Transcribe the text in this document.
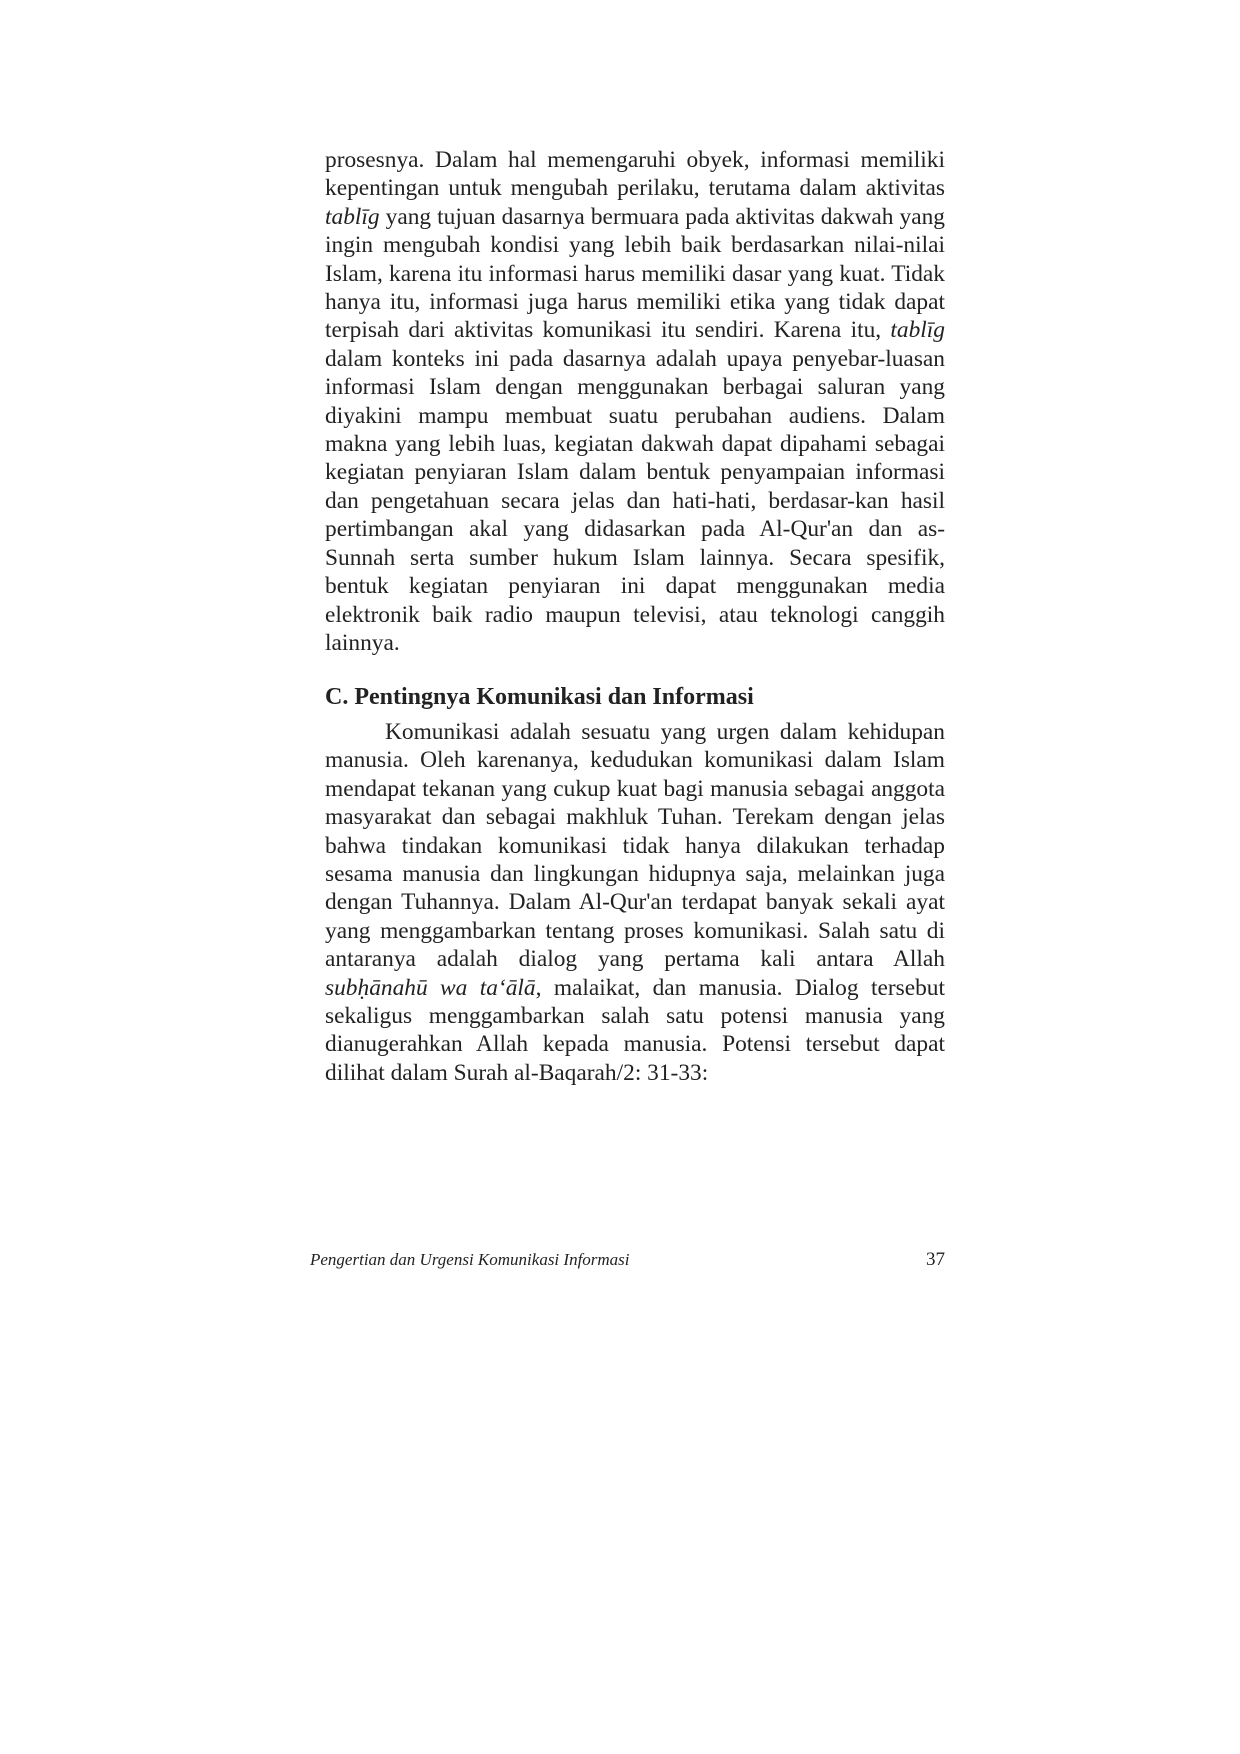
prosesnya. Dalam hal memengaruhi obyek, informasi memiliki kepentingan untuk mengubah perilaku, terutama dalam aktivitas tablīg yang tujuan dasarnya bermuara pada aktivitas dakwah yang ingin mengubah kondisi yang lebih baik berdasarkan nilai-nilai Islam, karena itu informasi harus memiliki dasar yang kuat. Tidak hanya itu, informasi juga harus memiliki etika yang tidak dapat terpisah dari aktivitas komunikasi itu sendiri. Karena itu, tablīg dalam konteks ini pada dasarnya adalah upaya penyebar-luasan informasi Islam dengan menggunakan berbagai saluran yang diyakini mampu membuat suatu perubahan audiens. Dalam makna yang lebih luas, kegiatan dakwah dapat dipahami sebagai kegiatan penyiaran Islam dalam bentuk penyampaian informasi dan pengetahuan secara jelas dan hati-hati, berdasar-kan hasil pertimbangan akal yang didasarkan pada Al-Qur'an dan as-Sunnah serta sumber hukum Islam lainnya. Secara spesifik, bentuk kegiatan penyiaran ini dapat menggunakan media elektronik baik radio maupun televisi, atau teknologi canggih lainnya.
C. Pentingnya Komunikasi dan Informasi
Komunikasi adalah sesuatu yang urgen dalam kehidupan manusia. Oleh karenanya, kedudukan komunikasi dalam Islam mendapat tekanan yang cukup kuat bagi manusia sebagai anggota masyarakat dan sebagai makhluk Tuhan. Terekam dengan jelas bahwa tindakan komunikasi tidak hanya dilakukan terhadap sesama manusia dan lingkungan hidupnya saja, melainkan juga dengan Tuhannya. Dalam Al-Qur'an terdapat banyak sekali ayat yang menggambarkan tentang proses komunikasi. Salah satu di antaranya adalah dialog yang pertama kali antara Allah subḥānahū wa ta‘ālā, malaikat, dan manusia. Dialog tersebut sekaligus menggambarkan salah satu potensi manusia yang dianugerahkan Allah kepada manusia. Potensi tersebut dapat dilihat dalam Surah al-Baqarah/2: 31-33:
Pengertian dan Urgensi Komunikasi Informasi	37
